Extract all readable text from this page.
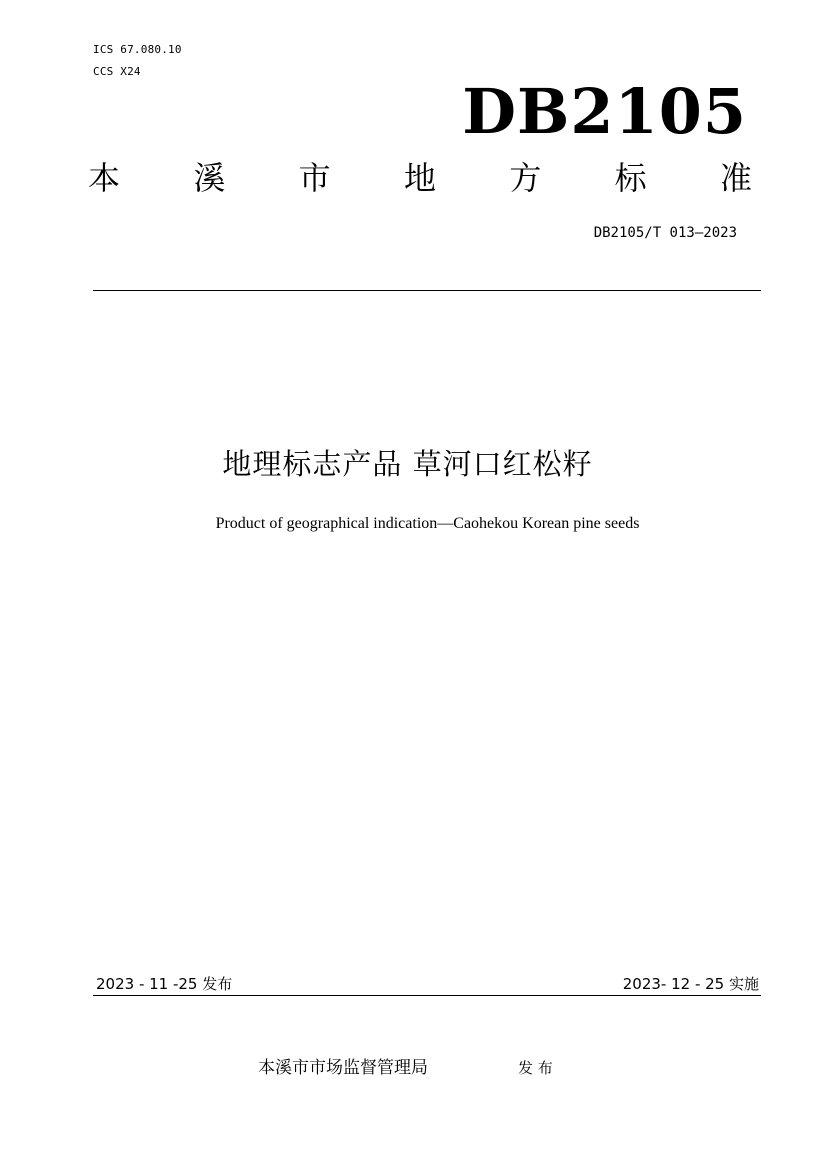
ICS 67.080.10
CCS X24
DB2105
本 溪 市 地 方 标 准
DB2105/T 013—2023
地理标志产品 草河口红松籽
Product of geographical indication—Caohekou Korean pine seeds
2023 - 11 -25 发布	2023- 12 - 25 实施
本溪市市场监督管理局	发 布
